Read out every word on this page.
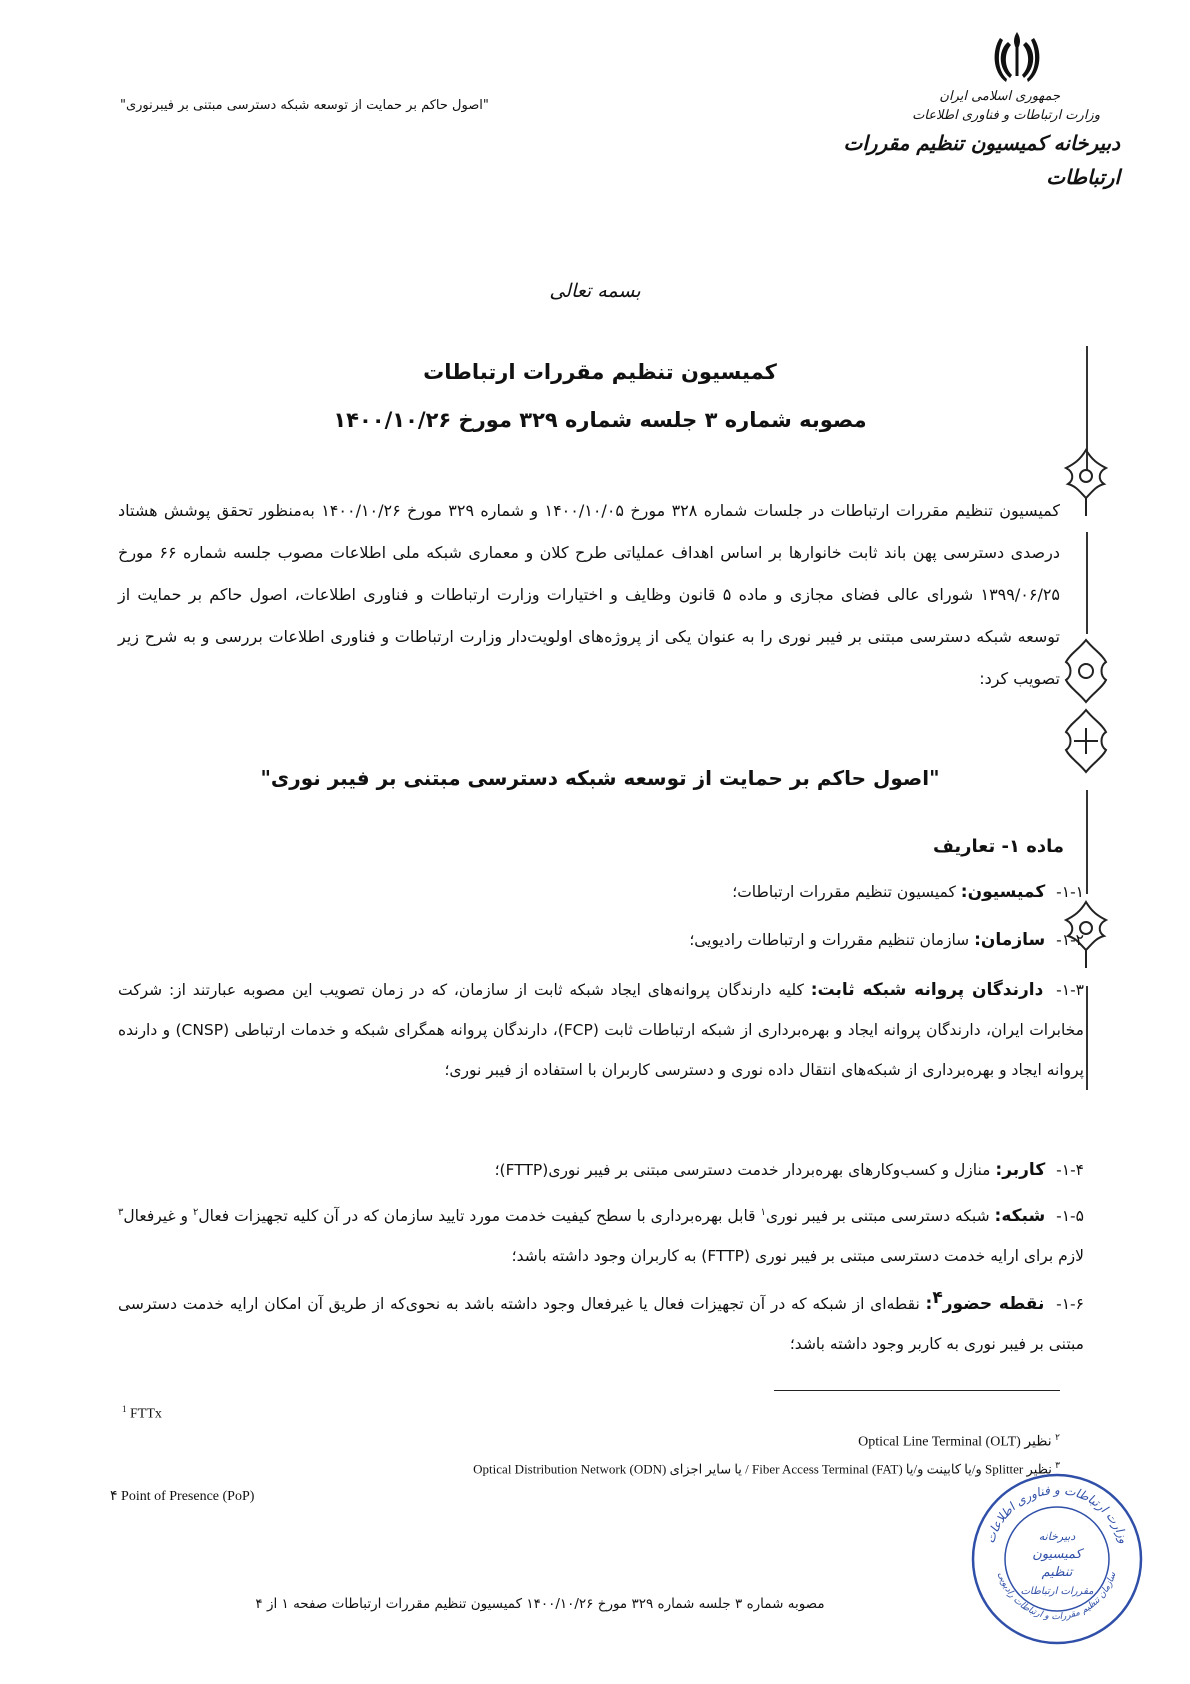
جمهوری اسلامی ایران
وزارت ارتباطات و فناوری اطلاعات
دبیرخانه کمیسیون تنظیم مقررات ارتباطات
"اصول حاکم بر حمایت از توسعه شبکه دسترسی مبتنی بر فیبرنوری"
بسمه تعالی
کمیسیون تنظیم مقررات ارتباطات
مصوبه شماره ۳ جلسه شماره ۳۲۹ مورخ ۱۴۰۰/۱۰/۲۶

کمیسیون تنظیم مقررات ارتباطات در جلسات شماره ۳۲۸ مورخ ۱۴۰۰/۱۰/۰۵ و شماره ۳۲۹ مورخ ۱۴۰۰/۱۰/۲۶ به‌منظور تحقق پوشش هشتاد درصدی دسترسی پهن باند ثابت خانوارها بر اساس اهداف عملیاتی طرح کلان و معماری شبکه ملی اطلاعات مصوب جلسه شماره ۶۶ مورخ ۱۳۹۹/۰۶/۲۵ شورای عالی فضای مجازی و ماده ۵ قانون وظایف و اختیارات وزارت ارتباطات و فناوری اطلاعات، اصول حاکم بر حمایت از توسعه شبکه دسترسی مبتنی بر فیبر نوری را به عنوان یکی از پروژه‌های اولویت‌دار وزارت ارتباطات و فناوری اطلاعات بررسی و به شرح زیر تصویب کرد:

"اصول حاکم بر حمایت از توسعه شبکه دسترسی مبتنی بر فیبر نوری"
ماده ۱- تعاریف
۱-۱- کمیسیون: کمیسیون تنظیم مقررات ارتباطات؛
۱-۲- سازمان: سازمان تنظیم مقررات و ارتباطات رادیویی؛
۱-۳- دارندگان پروانه شبکه ثابت: کلیه دارندگان پروانه‌های ایجاد شبکه ثابت از سازمان، که در زمان تصویب این مصوبه عبارتند از: شرکت مخابرات ایران، دارندگان پروانه ایجاد و بهره‌برداری از شبکه ارتباطات ثابت (FCP)، دارندگان پروانه همگرای شبکه و خدمات ارتباطی (CNSP) و دارنده پروانه ایجاد و بهره‌برداری از شبکه‌های انتقال داده نوری و دسترسی کاربران با استفاده از فیبر نوری؛
۱-۴- کاربر: منازل و کسب‌وکارهای بهره‌بردار خدمت دسترسی مبتنی بر فیبر نوری(FTTP)؛
۱-۵- شبکه: شبکه دسترسی مبتنی بر فیبر نوری$^۱$ قابل بهره‌برداری با سطح کیفیت خدمت مورد تایید سازمان که در آن کلیه تجهیزات فعال$^۲$ و غیرفعال$^۳$ لازم برای ارایه خدمت دسترسی مبتنی بر فیبر نوری (FTTP) به کاربران وجود داشته باشد؛
۱-۶- نقطه حضور$^۴$: نقطه‌ای از شبکه که در آن تجهیزات فعال یا غیرفعال وجود داشته باشد به نحوی‌که از طریق آن امکان ارایه خدمت دسترسی مبتنی بر فیبر نوری به کاربر وجود داشته باشد؛
$^1$ FTTx
$^۲$ نظیر Optical Line Terminal (OLT)
$^۳$ نظیر Splitter و/یا کابینت و/یا Fiber Access Terminal (FAT) / یا سایر اجزای Optical Distribution Network (ODN)
۴ Point of Presence (PoP)
مصوبه شماره ۳ جلسه شماره ۳۲۹ مورخ ۱۴۰۰/۱۰/۲۶ کمیسیون تنظیم مقررات ارتباطات صفحه ۱ از ۴
وزارت ارتباطات و فناوری اطلاعات
سازمان تنظیم مقررات و ارتباطات رادیویی
دبیرخانه
کمیسیون
تنظیم
مقررات ارتباطات
